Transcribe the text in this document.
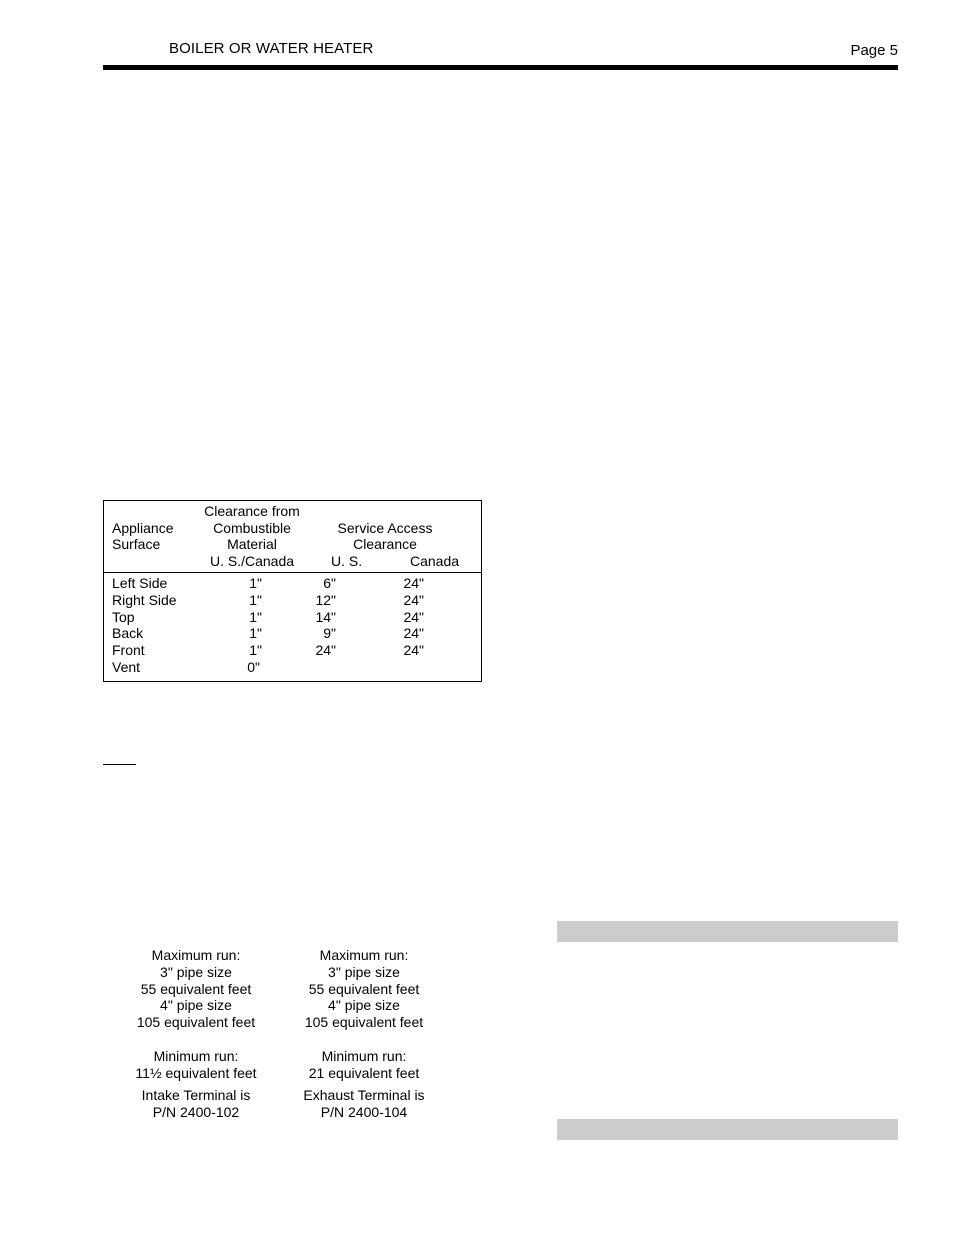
BOILER OR WATER HEATER	Page 5
Clearance from
Appliance	Combustible	Service Access
Surface	Material	Clearance
U. S./Canada	U. S.	Canada
Left Side	1"	6"	24"
Right Side	1"	12"	24"
Top	1"	14"	24"
Back	1"	9"	24"
Front	1"	24"	24"
Vent	0"

Maximum run:

3" pipe size

55 equivalent feet

4" pipe size

105 equivalent feet

Minimum run:

11½ equivalent feet

Intake Terminal is

P/N 2400-102

Maximum run:

3" pipe size

55 equivalent feet

4" pipe size

105 equivalent feet

Minimum run:

21 equivalent feet

Exhaust Terminal is

P/N 2400-104
